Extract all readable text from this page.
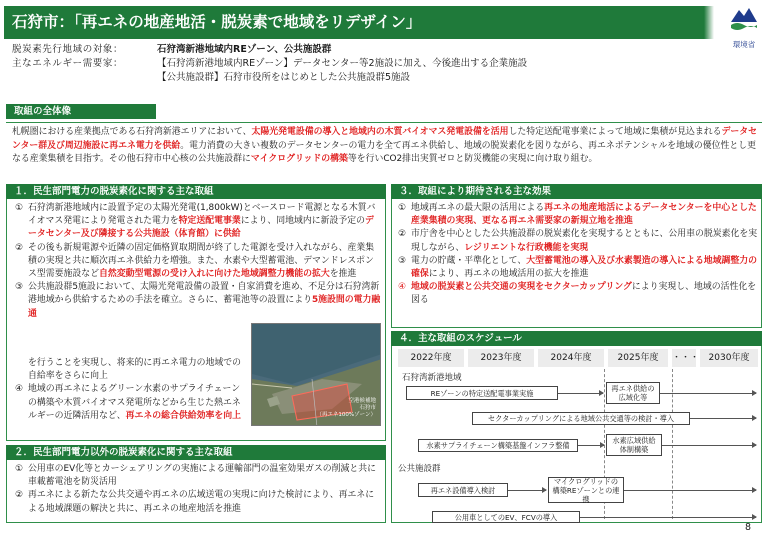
石狩市：「再エネの地産地活・脱炭素で地域をリデザイン」
環境省
脱炭素先行地域の対象：	石狩湾新港地域内REゾーン、公共施設群
主なエネルギー需要家：	【石狩湾新港地域内REゾーン】データセンター等2施設に加え、今後進出する企業施設
【公共施設群】石狩市役所をはじめとした公共施設群5施設
取組の全体像
札幌圏における産業拠点である石狩湾新港エリアにおいて、太陽光発電設備の導入と地域内の木質バイオマス発電設備を活用した特定送配電事業によって地域に集積が見込まれるデータセンター群及び周辺施設に再エネ電力を供給。電力消費の大きい複数のデータセンターの電力を全て再エネ供給し、地域の脱炭素化を図りながら、再エネポテンシャルを地域の優位性とし更なる産業集積を目指す。その他石狩市中心核の公共施設群にマイクログリッドの構築等を行いCO2排出実質ゼロと防災機能の実現に向け取り組む。
１．民生部門電力の脱炭素化に関する主な取組
① 石狩湾新港地域内に設置予定の太陽光発電(1,800kW)とベースロード電源となる木質バイオマス発電により発電された電力を特定送配電事業により、同地域内に新設予定のデータセンター及び隣接する公共施設（体育館）に供給
② その後も新規電源や近隣の固定価格買取期間が終了した電源を受け入れながら、産業集積の実現と共に順次再エネ供給力を増強。また、水素や大型蓄電池、デマンドレスポンス型需要施設など自然変動型電源の受け入れに向けた地域調整力機能の拡大を推進
③ 公共施設群5施設において、太陽光発電設備の設置・自家消費を進め、不足分は石狩湾新港地域から供給するための手法を確立。さらに、蓄電池等の設置により5施設間の電力融通
を行うことを実現し、将来的に再エネ電力の地域での自給率をさらに向上
④ 地域の再エネによるグリーン水素のサプライチェーンの構築や木質バイオマス発電所などから生じた熱エネルギーの近隣活用など、再エネの総合供給効率を向上
空港候補地
石狩市
（再エネ100%ゾーン）
２．民生部門電力以外の脱炭素化に関する主な取組
① 公用車のEV化等とカーシェアリングの実施による運輸部門の温室効果ガスの削減と共に車載蓄電池を防災活用
② 再エネによる新たな公共交通や再エネの広域送電の実現に向けた検討により、再エネによる地域課題の解決と共に、再エネの地産地活を推進
３．取組により期待される主な効果
① 地域再エネの最大限の活用による再エネの地産地活によるデータセンターを中心とした産業集積の実現、更なる再エネ需要家の新規立地を推進
② 市庁舎を中心とした公共施設群の脱炭素化を実現するとともに、公用車の脱炭素化を実現しながら、レジリエントな行政機能を実現
③ 電力の貯蔵・平準化として、大型蓄電池の導入及び水素製造の導入による地域調整力の確保により、再エネの地域活用の拡大を推進
④ 地域の脱炭素と公共交通の実現をセクターカップリングにより実現し、地域の活性化を図る
４．主な取組のスケジュール
2022年度	2023年度	2024年度	2025年度	・・・	2030年度
石狩湾新港地域
REゾーンの特定送配電事業実施	再エネ供給の広域化等
セクターカップリングによる地域公共交通等の検討・導入
水素サプライチェーン構築基盤インフラ整備
水素広域供給体制構築
公共施設群
再エネ設備導入検討
マイクログリッドの構築REゾーンとの連携
公用車としてのEV、FCVの導入
8
